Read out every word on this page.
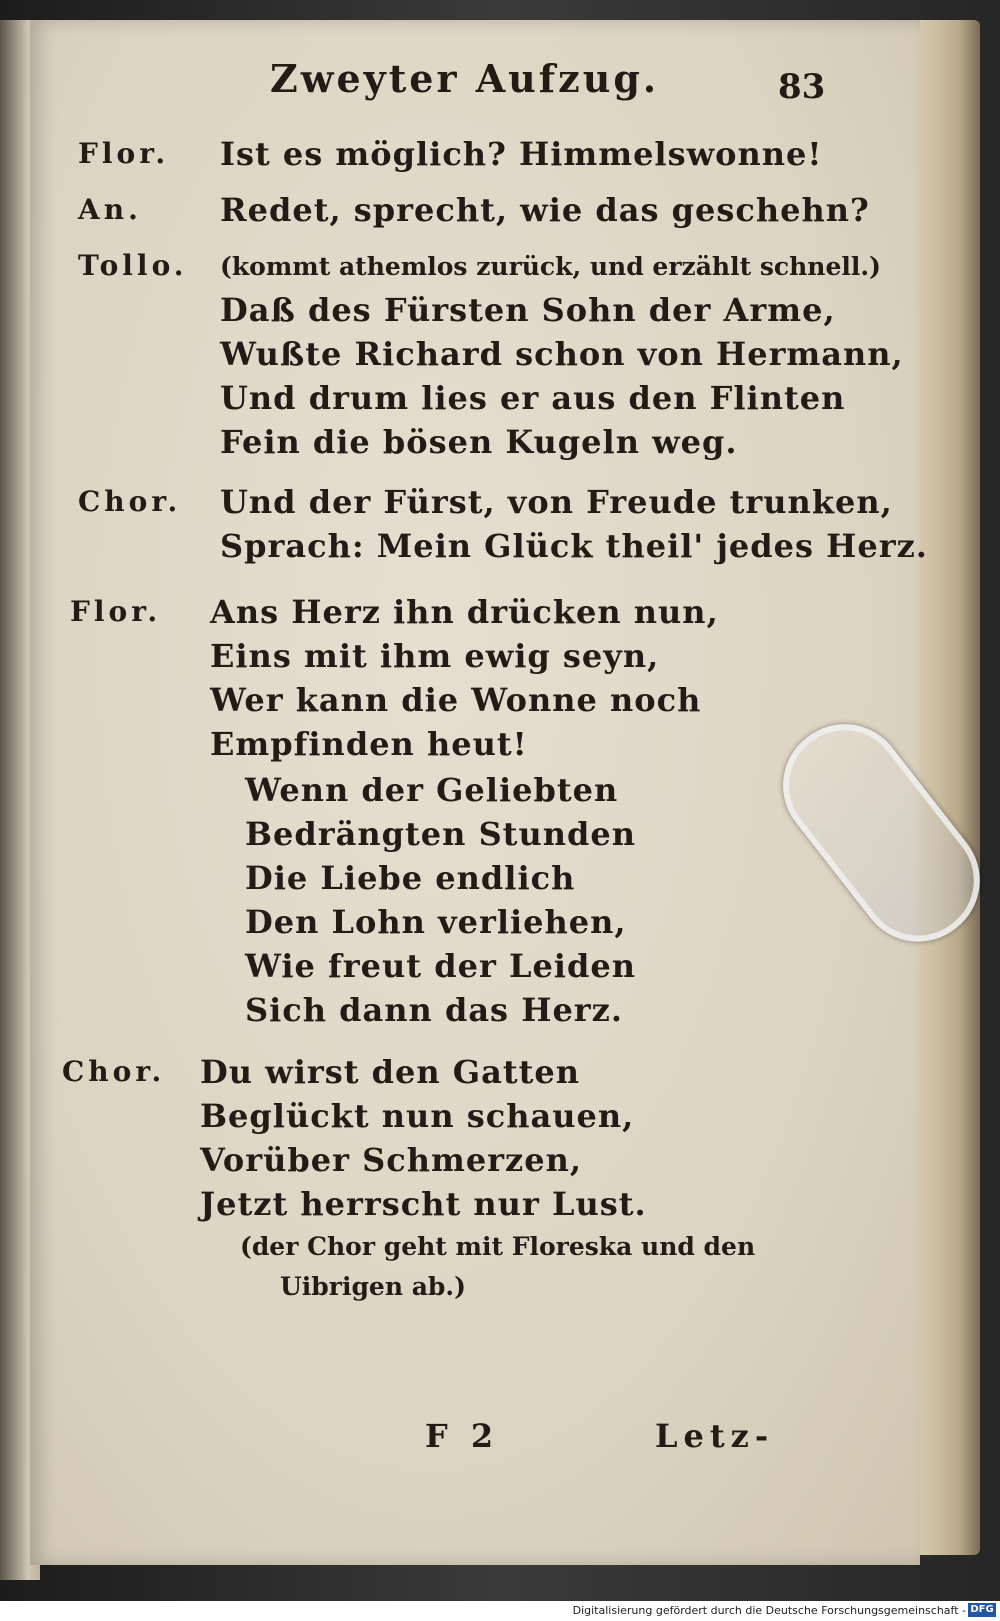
Zweyter Aufzug.	83
Flor. Ist es möglich? Himmelswonne!
An. Redet, sprecht, wie das geschehn?
Tollo. (kommt athemlos zurück, und erzählt schnell.)
Daß des Fürsten Sohn der Arme,
Wußte Richard schon von Hermann,
Und drum lies er aus den Flinten
Fein die bösen Kugeln weg.
Chor. Und der Fürst, von Freude trunken,
Sprach: Mein Glück theil' jedes Herz.
Flor. Ans Herz ihn drücken nun,
Eins mit ihm ewig seyn,
Wer kann die Wonne noch
Empfinden heut!
Wenn der Geliebten
Bedrängten Stunden
Die Liebe endlich
Den Lohn verliehen,
Wie freut der Leiden
Sich dann das Herz.
Chor. Du wirst den Gatten
Beglückt nun schauen,
Vorüber Schmerzen,
Jetzt herrscht nur Lust.
(der Chor geht mit Floreska und den
Uibrigen ab.)
F 2	Letz-
Digitalisierung gefördert durch die Deutsche Forschungsgemeinschaft - DFG
